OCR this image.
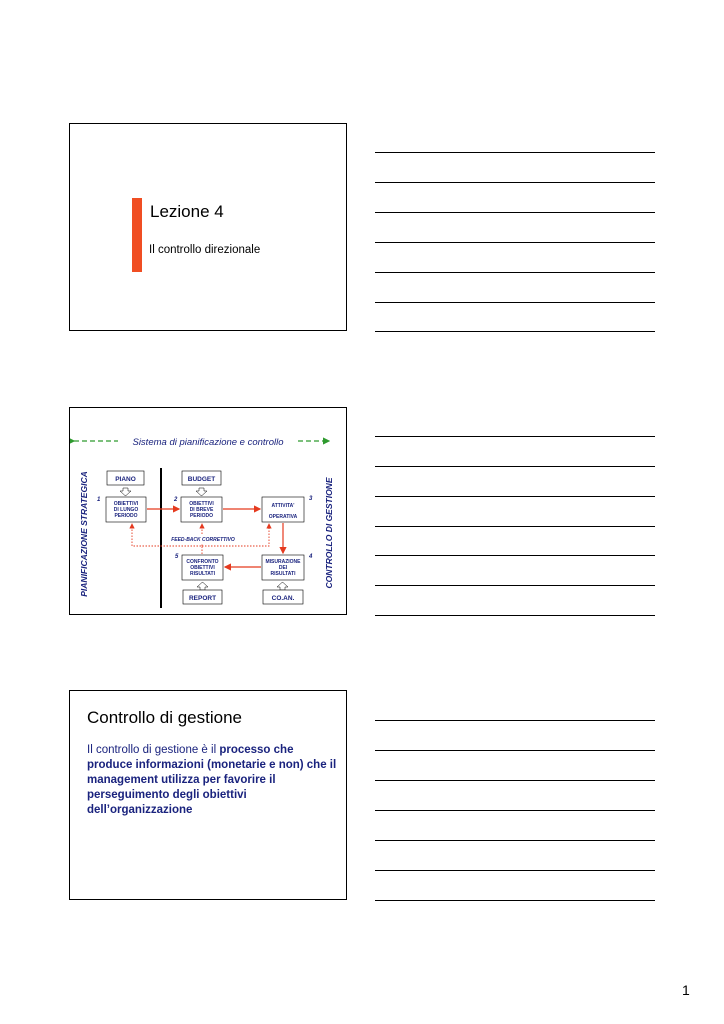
Lezione 4
Il controllo direzionale
Sistema di pianificazione e controllo
PIANIFICAZIONE STRATEGICA	CONTROLLO DI GESTIONE
PIANO	BUDGET
OBIETTIVI
DI LUNGO
PERIODO
1
OBIETTIVI
DI BREVE
PERIODO
2
ATTIVITA'
OPERATIVA
3
MISURAZIONE
DEI
RISULTATI
4
CONFRONTO
OBIETTIVI
RISULTATI
5
FEED-BACK CORRETTIVO
REPORT	CO.AN.
Controllo di gestione
Il controllo di gestione è il processo che produce informazioni (monetarie e non) che il management utilizza per favorire il perseguimento degli obiettivi dell’organizzazione
1
